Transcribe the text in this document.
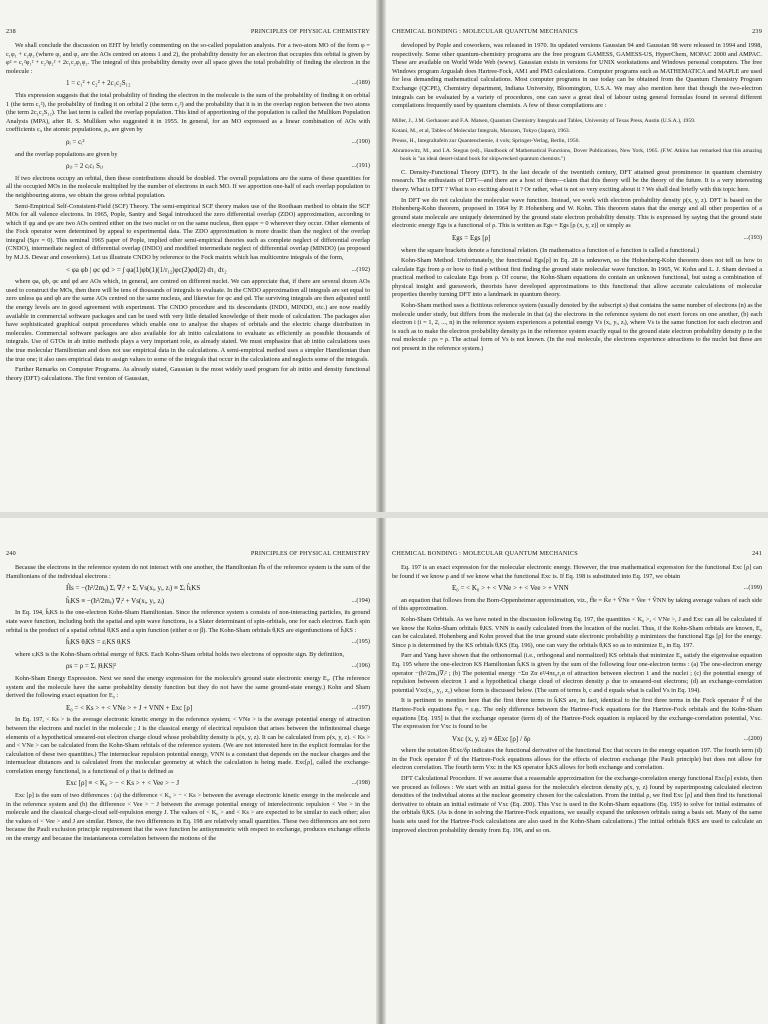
238	PRINCIPLES OF PHYSICAL CHEMISTRY

We shall conclude the discussion on EHT by briefly commenting on the so-called population analysis. For a two-atom MO of the form φ = c₁φ₁ + c₂φ₂ (where φ₁ and φ₂ are the AOs centred on atoms 1 and 2), the probability density for an electron that occupies this orbital is given by φ² = c₁²φ₁² + c₂²φ₂² + 2c₁c₂φ₁φ₂. The integral of this probability density over all space gives the total probability of finding the electron in the molecule :

1 = c₁² + c₂² + 2c₁c₂S₁₂	...(189)

This expression suggests that the total probability of finding the electron in the molecule is the sum of the probability of finding it on orbital 1 (the term c₁²), the probability of finding it on orbital 2 (the term c₂²) and the probability that it is in the overlap region between the two atoms (the term 2c₁c₂S₁₂). The last term is called the overlap population. This kind of apportioning of the population is called the Mulliken Population Analysis (MPA), after R. S. Mulliken who suggested it in 1955. In general, for an MO expressed as a linear combination of AOs with coefficients cᵢ, the atomic populations, ρᵢ, are given by

ρᵢ = cᵢ²	...(190)

and the overlap populations are given by

ρᵢⱼ = 2 cᵢcⱼ Sᵢⱼ	...(191)

If two electrons occupy an orbital, then these contributions should be doubled. The overall populations are the sums of these quantities for all the occupied MOs in the molecule multiplied by the number of electrons in each MO. If we apportion one-half of each overlap population to the neighbouring atoms, we obtain the gross orbital population.

Semi-Empirical Self-Consistent-Field (SCF) Theory. The semi-empirical SCF theory makes use of the Roothaan method to obtain the SCF MOs for all valence electrons. In 1965, Pople, Santry and Segal introduced the zero differential overlap (ZDO) approximation, according to which if φμ and φν are two AOs centred either on the two nuclei or on the same nucleus, then φμφν = 0 wherever they occur. Other elements of the Fock operator were determined by appeal to experimental data. The ZDO approximation is more drastic than the neglect of the overlap integral (Sμν = 0). This seminal 1965 paper of Pople, implied other semi-empirical theories such as complete neglect of differential overlap (CNDO), intermediate neglect of differential overlap (INDO) and modified intermediate neglect of differential overlap (MINDO) (as proposed by M.J.S. Dewar and coworkers). Let us illustrate CNDO by reference to the Fock matrix which has multicentre integrals of the form,

< φa φb | φc φd > = ∫ φa(1)φb(1)(1/r₁₂)φc(2)φd(2) dτ₁ dτ₂	...(192)

where φa, φb, φc and φd are AOs which, in general, are centred on different nuclei. We can appreciate that, if there are several dozen AOs used to construct the MOs, then there will be tens of thousands of integrals to evaluate. In the CNDO approximation all integrals are set equal to zero unless φa and φb are the same AOs centred on the same nucleus, and likewise for φc and φd. The surviving integrals are then adjusted until the energy levels are in good agreement with experiment. The CNDO procedure and its descendants (INDO, MINDO, etc.) are now readily available in commercial software packages and can be used with very little detailed knowledge of their mode of calculation. The packages also have sophisticated graphical output procedures which enable one to analyse the shapes of orbitals and the electric charge distribution in molecules. Commercial software packages are also available for ab initio calculations to evaluate as efficiently as possible thousands of integrals. Use of GTOs in ab initio methods plays a very important role, as already stated. We must emphasize that ab initio calculations uses the true molecular Hamiltonian and does not use empirical data in the calculations. A semi-empirical method uses a simpler Hamiltonian than the true one; it also uses empirical data to assign values to some of the integrals that occur in the calculations and neglects some of the integrals.

Further Remarks on Computer Programs. As already stated, Gaussian is the most widely used program for ab initio and density functional theory (DFT) calculations. The first version of Gaussian,

CHEMICAL BONDING : MOLECULAR QUANTUM MECHANICS	239

developed by Pople and coworkers, was released in 1970. Its updated versions Gaussian 94 and Gaussian 98 were released in 1994 and 1998, respectively. Some other quantum-chemistry programs are the free program GAMESS, GAMESS-US, HyperChem, MOPAC 2000 and AMPAC. These are available on World Wide Web (www). Gaussian exists in versions for UNIX workstations and Windows personal computers. The free Windows program Arguslab does Hartree-Fock, AM1 and PM3 calculations. Computer programs such as MATHEMATICA and MAPLE are used for less demanding mathematical calculations. Most computer programs in use today can be obtained from the Quantum Chemistry Program Exchange (QCPE), Chemistry department, Indiana University, Bloomington, U.S.A. We may also mention here that though the two-electron integrals can be evaluated by a variety of procedures, one can save a great deal of labour using general formulas found in several different compilations frequently used by quantum chemists. A few of these compilations are :

Miller, J., J.M. Gerhauser and F.A. Matsen, Quantum Chemistry Integrals and Tables, University of Texas Press, Austin (U.S.A.), 1959.
Kotani, M., et al, Tables of Molecular Integrals, Maruzen, Tokyo (Japan), 1963.
Preuss, H., Integraltafeln zur Quantenchemie, 4 vols; Springer-Verlag, Berlin, 1956.
Abramowitz, M., and I.A. Stegun (ed)., Handbook of Mathematical Functions, Dover Publications, New York, 1965. (F.W. Atkins has remarked that this amazing book is "an ideal desert-island book for shipwrecked quantum chemists.")

C. Density-Functional Theory (DFT). In the last decade of the twentieth century, DFT attained great prominence in quantum chemistry research. The enthusiasts of DFT—and there are a host of them—claim that this theory will be the theory of the future. It is a very interesting theory. What is DFT ? What is so exciting about it ? Or rather, what is not so very exciting about it ? We shall deal briefly with this topic here.

In DFT we do not calculate the molecular wave function. Instead, we work with electron probability density ρ(x, y, z). DFT is based on the Hohenberg-Kohn theorem, proposed in 1964 by P. Hohenberg and W. Kohn. This theorem states that the energy and all other properties of a ground state molecule are uniquely determined by the ground state electron probability density. This is expressed by saying that the ground state electronic energy Egs is a functional of ρ. This is written as Egs = Egs [ρ (x, y, z)] or simply as

Egs = Egs [ρ]	...(193)

where the square brackets denote a functional relation. (In mathematics a function of a function is called a functional.)

Kohn-Sham Method. Unfortunately, the functional Egs[ρ] in Eq. 28 is unknown, so the Hohenberg-Kohn theorem does not tell us how to calculate Egs from ρ or how to find ρ without first finding the ground state molecular wave function. In 1965, W. Kohn and L. J. Sham devised a practical method to calculate Egs from ρ. Of course, the Kohn-Sham equations do contain an unknown functional, but using a combination of physical insight and guesswork, theorists have developed approximations to this functional that allow accurate calculations of molecular properties thereby turning DFT into a landmark in quantum theory.

Kohn-Sham method uses a fictitious reference system (usually denoted by the subscript s) that contains the same number of electrons (n) as the molecule under study, but differs from the molecule in that (a) the electrons in the reference system do not exert forces on one another, (b) each electron i (i = 1, 2, ..., n) in the reference system experiences a potential energy Vs (xᵢ, yᵢ, zᵢ), where Vs is the same function for each electron and is such as to make the electron probability density ρs in the reference system exactly equal to the ground state electron probability density ρ in the real molecule : ρs = ρ. The actual form of Vs is not known. (In the real molecule, the electrons experience attractions to the nuclei but these are not present in the reference system.)

240	PRINCIPLES OF PHYSICAL CHEMISTRY

Because the electrons in the reference system do not interact with one another, the Hamiltonian Ĥs of the reference system is the sum of the Hamiltonians of the individual electrons :

Ĥs = −(ħ²/2mₑ) Σᵢ ∇ᵢ² + Σᵢ Vs(xᵢ, yᵢ, zᵢ) ≡ Σᵢ ĥᵢKS
ĥᵢKS ≡ −(ħ²/2mₑ) ∇ᵢ² + Vs(xᵢ, yᵢ, zᵢ)	...(194)

In Eq. 194, ĥᵢKS is the one-electron Kohn-Sham Hamiltonian. Since the reference system s consists of non-interacting particles, its ground state wave function, including both the spatial and spin wave functions, is a Slater determinant of spin-orbitals, one for each electron. Each spin orbital is the product of a spatial orbital θᵢKS and a spin function (either α or β). The Kohn-Sham orbitals θᵢKS are eigenfunctions of ĥᵢKS :

ĥᵢKS θᵢKS = εᵢKS θᵢKS	...(195)

where εᵢKS is the Kohn-Sham orbital energy of θᵢKS. Each Kohn-Sham orbital holds two electrons of opposite sign. By definition,

ρs = ρ = Σᵢ |θᵢKS|²	...(196)

Kohn-Sham Energy Expression. Next we need the energy expression for the molecule's ground state electronic energy E₀. (The reference system and the molecule have the same probability density function but they do not have the same ground-state energy.) Kohn and Sham derived the following exact equation for E₀ :

E₀ = < Ks > + < VNe > + J + VNN + Exc [ρ]	...(197)

In Eq. 197, < Ks > is the average electronic kinetic energy in the reference system; < VNe > is the average potential energy of attraction between the electrons and nuclei in the molecule ; J is the classical energy of electrical repulsion that arises between the infinitesimal charge elements of a hypothetical smeared-out electron charge cloud whose probability density is ρ(x, y, z). It can be calculated from ρ(x, y, z). < Ks > and < VNe > can be calculated from the Kohn-Sham orbitals of the reference system. (We are not interested here in the explicit formulas for the calculation of these two quantities.) The internuclear repulsion potential energy, VNN is a constant that depends on the nuclear charges and the internuclear distances and is calculated from the molecular geometry at which the calculation is being made. Exc[ρ], called the exchange-correlation energy functional, is a functional of ρ that is defined as

Exc [ρ] ≡ < K₀ > − < Ks > + < Vee > − J	...(198)

Exc [ρ] is the sum of two differences : (a) the difference < K₀ > − < Ks > between the average electronic kinetic energy in the molecule and in the reference system and (b) the difference < Vee > − J between the average potential energy of interelectronic repulsion < Vee > in the molecule and the classical charge-cloud self-repulsion energy J. The values of < K₀ > and < Ks > are expected to be similar to each other; also the values of < Vee > and J are similar. Hence, the two differences in Eq. 198 are relatively small quantities. These two differences are not zero because the Pauli exclusion principle requirement that the wave function be antisymmetric with respect to exchange, produces exchange effects on the energy and because the instantaneous correlation between the motions of the

CHEMICAL BONDING : MOLECULAR QUANTUM MECHANICS	241

Eq. 197 is an exact expression for the molecular electronic energy. However, the true mathematical expression for the functional Exc [ρ] can be found if we know ρ and if we know what the functional Exc is. If Eq. 198 is substituted into Eq. 197, we obtain

E₀ = < K₀ > + < VNe > + < Vee > + VNN	...(199)

an equation that follows from the Born-Oppenheimer approximation, viz., Ĥe = K̂e + V̂Ne + V̂ee + V̂NN by taking average values of each side of this approximation.

Kohn-Sham Orbitals. As we have noted in the discussion following Eq. 197, the quantities < K₀ >, < VNe >, J and Exc can all be calculated if we know the Kohn-Sham orbitals θᵢKS. VNN is easily calculated from the location of the nuclei. Thus, if the Kohn-Sham orbitals are known, E₀ can be calculated. Hohenberg and Kohn proved that the true ground state electronic probability ρ minimizes the functional Egs [ρ] for the energy. Since ρ is determined by the KS orbitals θᵢKS (Eq. 196), one can vary the orbitals θᵢKS so as to minimize E₀ in Eq. 197.

Parr and Yang have shown that the orthonormal (i.e., orthogonal and normalized) KS orbitals that minimize E₀ satisfy the eigenvalue equation Eq. 195 where the one-electron KS Hamiltonian ĥᵢKS is given by the sum of the following four one-electron terms : (a) The one-electron energy operator −(ħ²/2mₑ)∇ᵢ² ; (b) The potential energy −Σα Zα e²/4πε₀r₁α of attraction between electron 1 and the nuclei ; (c) the potential energy of repulsion between electron 1 and a hypothetical charge cloud of electron density ρ due to smeared-out electrons; (d) an exchange-correlation potential Vxc(x₁, y₁, z₁) whose form is discussed below. (The sum of terms b, c and d equals what is called Vs in Eq. 194).

It is pertinent to mention here that the first three terms in ĥᵢKS are, in fact, identical to the first three terms in the Fock operator F̂ of the Hartree-Fock equations F̂φᵢ = εᵢφᵢ. The only difference between the Hartree-Fock equations for the Hartree-Fock orbitals and the Kohn-Sham equations [Eq. 195] is that the exchange operator (term d) of the Hartree-Fock equation is replaced by the exchange-correlation potential, Vxc. The expression for Vxc is found to be

Vxc (x, y, z) ≡ δExc [ρ] / δρ	...(200)

where the notation δExc/δρ indicates the functional derivative of the functional Exc that occurs in the energy equation 197. The fourth term (d) in the Fock operator F̂ of the Hartree-Fock equations allows for the effects of electron exchange (the Pauli principle) but does not allow for electron correlation. The fourth term Vxc in the KS operator ĥᵢKS allows for both exchange and correlation.

DFT Calculational Procedure. If we assume that a reasonable approximation for the exchange-correlation energy functional Exc[ρ] exists, then we proceed as follows : We start with an initial guess for the molecule's electron density ρ(x, y, z) found by superimposing calculated electron densities of the individual atoms at the nuclear geometry chosen for the calculation. From the initial ρ, we find Exc [ρ] and then find its functional derivative to obtain an initial estimate of Vxc (Eq. 200). This Vxc is used in the Kohn-Sham equations (Eq. 195) to solve for initial estimates of the orbitals θᵢKS. (As is done in solving the Hartree-Fock equations, we usually expand the unknown orbitals using a basis set. Many of the same basis sets used for the Hartree-Fock calculations are also used in the Kohn-Sham calculations.) The initial orbitals θᵢKS are used to calculate an improved electron probability density from Eq. 196, and so on.
